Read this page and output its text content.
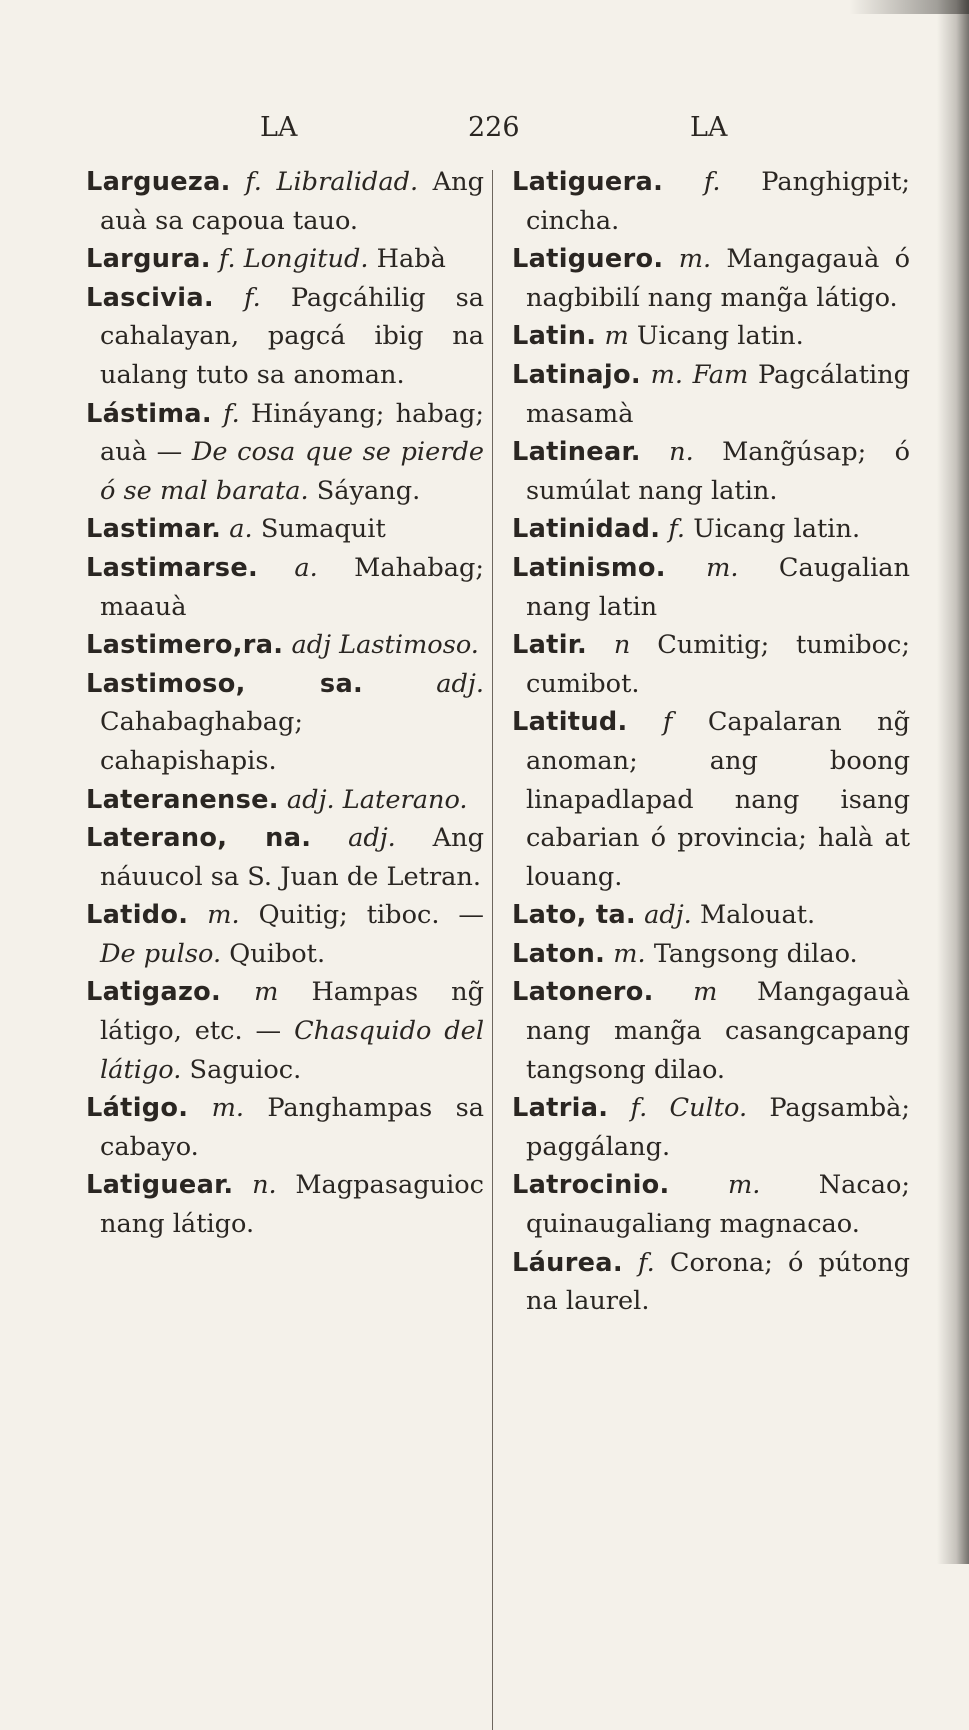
LA	226	LA

Largueza. f. Libralidad. Ang auà sa capoua tauo.

Largura. f. Longitud. Habà

Lascivia. f. Pagcáhilig sa cahalayan, pagcá ibig na ualang tuto sa anoman.

Lástima. f. Hináyang; habag; auà — De cosa que se pierde ó se mal barata. Sáyang.

Lastimar. a. Sumaquit

Lastimarse. a. Mahabag; maauà

Lastimero,ra. adj Lastimoso.

Lastimoso, sa.	adj. Cahabaghabag; cahapishapis.

Lateranense. adj. Laterano.

Laterano, na. adj. Ang náuucol sa S. Juan de Letran.

Latido. m. Quitig; tiboc. — De pulso. Quibot.

Latigazo. m Hampas ng̃ látigo, etc. — Chasquido del látigo. Saguioc.

Látigo. m. Panghampas sa cabayo.

Latiguear. n. Magpasaguioc nang látigo.

Latiguera. f. Panghigpit; cincha.

Latiguero. m. Mangagauà ó nagbibilí nang mang̃a látigo.

Latin. m Uicang latin.

Latinajo. m. Fam Pagcálating masamà

Latinear. n. Mang̃úsap; ó sumúlat nang latin.

Latinidad. f. Uicang latin.

Latinismo. m. Caugalian nang latin

Latir. n Cumitig; tumiboc; cumibot.

Latitud. f Capalaran ng̃ anoman; ang boong linapadlapad nang isang cabarian ó provincia; halà at louang.

Lato, ta. adj. Malouat.

Laton. m. Tangsong dilao.

Latonero. m Mangagauà nang mang̃a casangcapang tangsong dilao.

Latria. f. Culto. Pagsambà; paggálang.

Latrocinio. m. Nacao; quinaugaliang magnacao.

Láurea. f. Corona; ó pútong na laurel.
